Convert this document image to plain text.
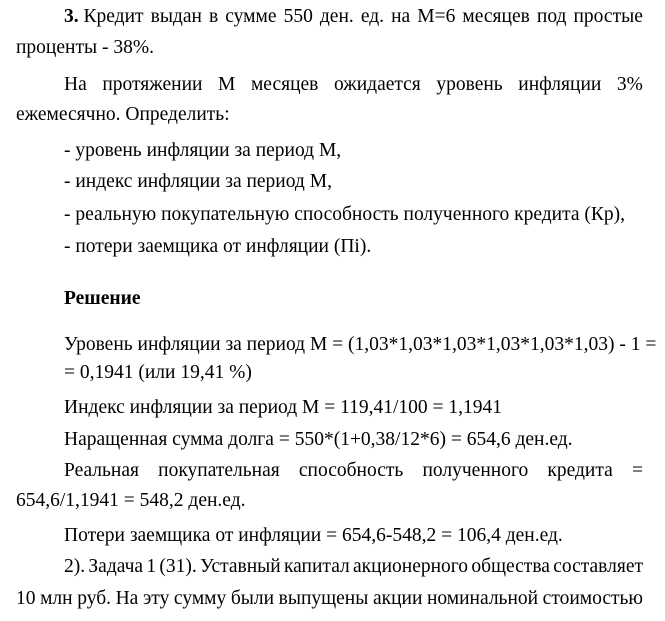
3. Кредит выдан в сумме 550 ден. ед. на М=6 месяцев под простые
проценты - 38%.
На протяжении М месяцев ожидается уровень инфляции 3%
ежемесячно. Определить:
- уровень инфляции за период М,
- индекс инфляции за период М,
- реальную покупательную способность полученного кредита (Кр),
- потери заемщика от инфляции (Пi).
Решение
Уровень инфляции за период М = (1,03*1,03*1,03*1,03*1,03*1,03) - 1 =
= 0,1941 (или 19,41 %)
Индекс инфляции за период М = 119,41/100 = 1,1941
Наращенная сумма долга = 550*(1+0,38/12*6) = 654,6 ден.ед.
Реальная покупательная способность полученного кредита =
654,6/1,1941 = 548,2 ден.ед.
Потери заемщика от инфляции = 654,6-548,2 = 106,4 ден.ед.
2). Задача 1 (31). Уставный капитал акционерного общества составляет
10 млн руб. На эту сумму были выпущены акции номинальной стоимостью
